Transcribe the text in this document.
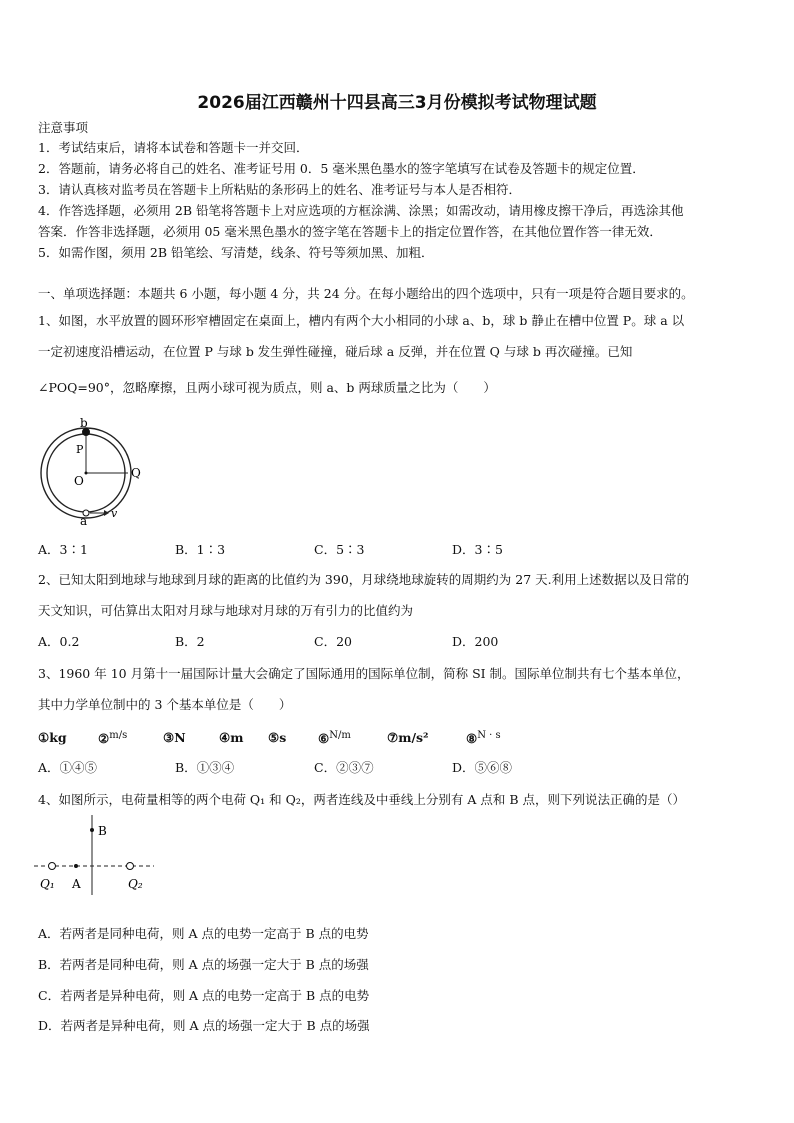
2026届江西赣州十四县高三3月份模拟考试物理试题
注意事项
1．考试结束后，请将本试卷和答题卡一并交回．
2．答题前，请务必将自己的姓名、准考证号用 0．5 毫米黑色墨水的签字笔填写在试卷及答题卡的规定位置．
3．请认真核对监考员在答题卡上所粘贴的条形码上的姓名、准考证号与本人是否相符．
4．作答选择题，必须用 2B 铅笔将答题卡上对应选项的方框涂满、涂黑；如需改动，请用橡皮擦干净后，再选涂其他
答案．作答非选择题，必须用 05 毫米黑色墨水的签字笔在答题卡上的指定位置作答，在其他位置作答一律无效．
5．如需作图，须用 2B 铅笔绘、写清楚，线条、符号等须加黑、加粗．
一、单项选择题：本题共 6 小题，每小题 4 分，共 24 分。在每小题给出的四个选项中，只有一项是符合题目要求的。
1、如图，水平放置的圆环形窄槽固定在桌面上，槽内有两个大小相同的小球 a、b，球 b 静止在槽中位置 P。球 a 以
一定初速度沿槽运动，在位置 P 与球 b 发生弹性碰撞，碰后球 a 反弹，并在位置 Q 与球 b 再次碰撞。已知
∠POQ=90°，忽略摩擦，且两小球可视为质点，则 a、b 两球质量之比为（　　）
b
P
O
Q
a
v
A．3∶1	B．1∶3	C．5∶3	D．3∶5
2、已知太阳到地球与地球到月球的距离的比值约为 390，月球绕地球旋转的周期约为 27 天.利用上述数据以及日常的
天文知识，可估算出太阳对月球与地球对月球的万有引力的比值约为
A．0.2	B．2	C．20	D．200
3、1960 年 10 月第十一届国际计量大会确定了国际通用的国际单位制，简称 SI 制。国际单位制共有七个基本单位，
其中力学单位制中的 3 个基本单位是（　　）
①kg	②$^{m/s}$	③N	④m ⑤s	⑥$^{N/m}$	⑦m/s²	⑧$^{N \cdot s}$
A．①④⑤	B．①③④	C．②③⑦	D．⑤⑥⑧
4、如图所示，电荷量相等的两个电荷 Q₁ 和 Q₂，两者连线及中垂线上分别有 A 点和 B 点，则下列说法正确的是（）
B
Q₁ A	Q₂
A．若两者是同种电荷，则 A 点的电势一定高于 B 点的电势
B．若两者是同种电荷，则 A 点的场强一定大于 B 点的场强
C．若两者是异种电荷，则 A 点的电势一定高于 B 点的电势
D．若两者是异种电荷，则 A 点的场强一定大于 B 点的场强
